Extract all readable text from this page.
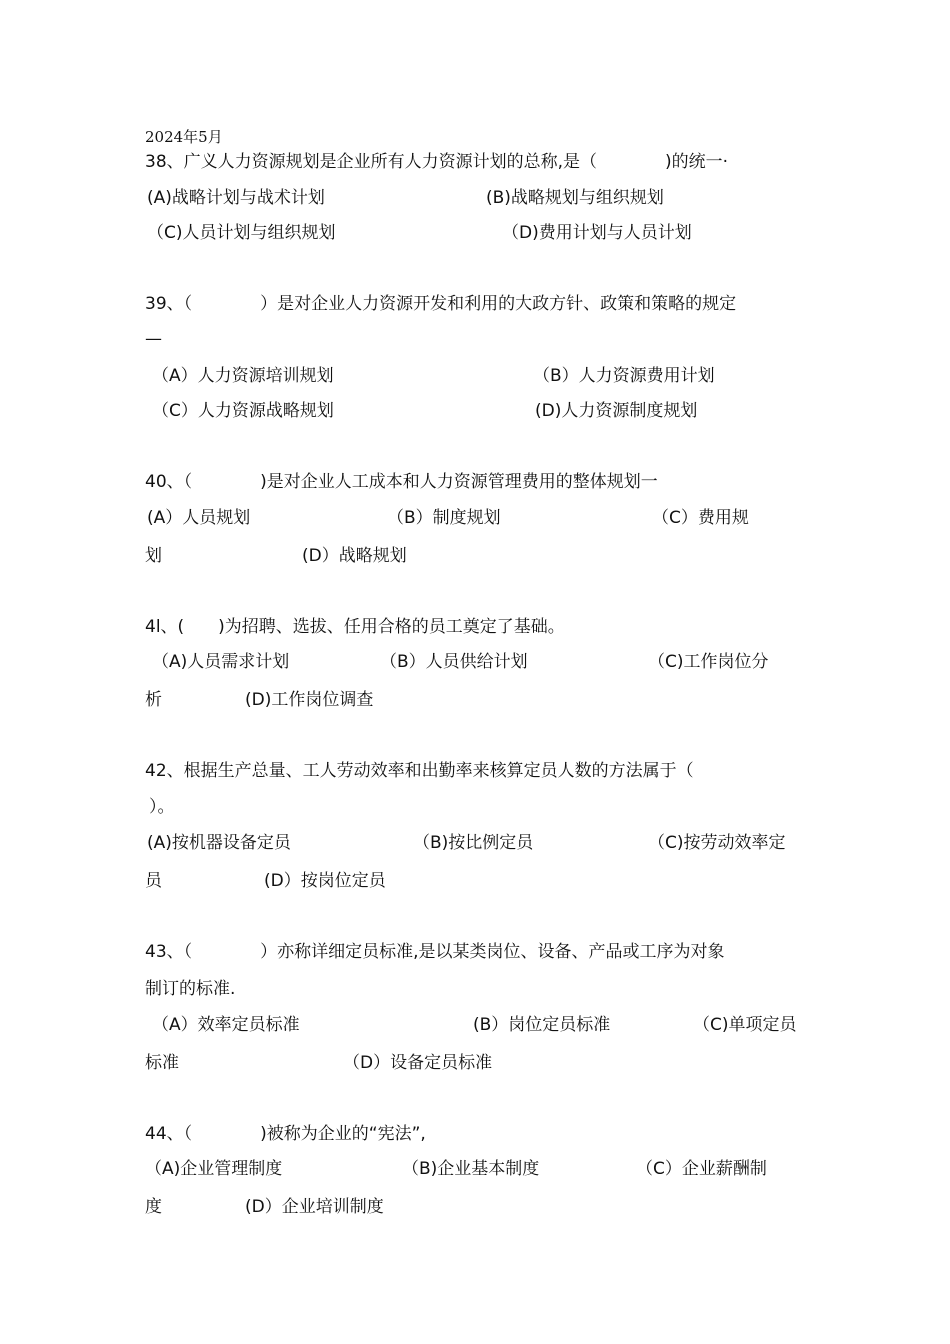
2024年5月
38、广义人力资源规划是企业所有人力资源计划的总称,是（　　　　)的统一·
(A)战略计划与战术计划	(B)战略规划与组织规划
（C)人员计划与组织规划	（D)费用计划与人员计划
39、（　　　　）是对企业人力资源开发和利用的大政方针、政策和策略的规定
—
（A）人力资源培训规划	（B）人力资源费用计划
（C）人力资源战略规划	(D)人力资源制度规划
40、（　　　　)是对企业人工成本和人力资源管理费用的整体规划一
(A）人员规划	（B）制度规划	（C）费用规
划	(D）战略规划
4l、(　　)为招聘、选拔、任用合格的员工奠定了基础。
（A)人员需求计划	（B）人员供给计划	（C)工作岗位分
析	(D)工作岗位调查
42、根据生产总量、工人劳动效率和出勤率来核算定员人数的方法属于（
）。
(A)按机器设备定员	（B)按比例定员	（C)按劳动效率定
员	(D）按岗位定员
43、（　　　　）亦称详细定员标准,是以某类岗位、设备、产品或工序为对象
制订的标准.
（A）效率定员标准	(B）岗位定员标准	（C)单项定员
标准	（D）设备定员标准
44、（　　　　)被称为企业的“宪法”,
（A)企业管理制度	（B)企业基本制度	（C）企业薪酬制
度	(D）企业培训制度
